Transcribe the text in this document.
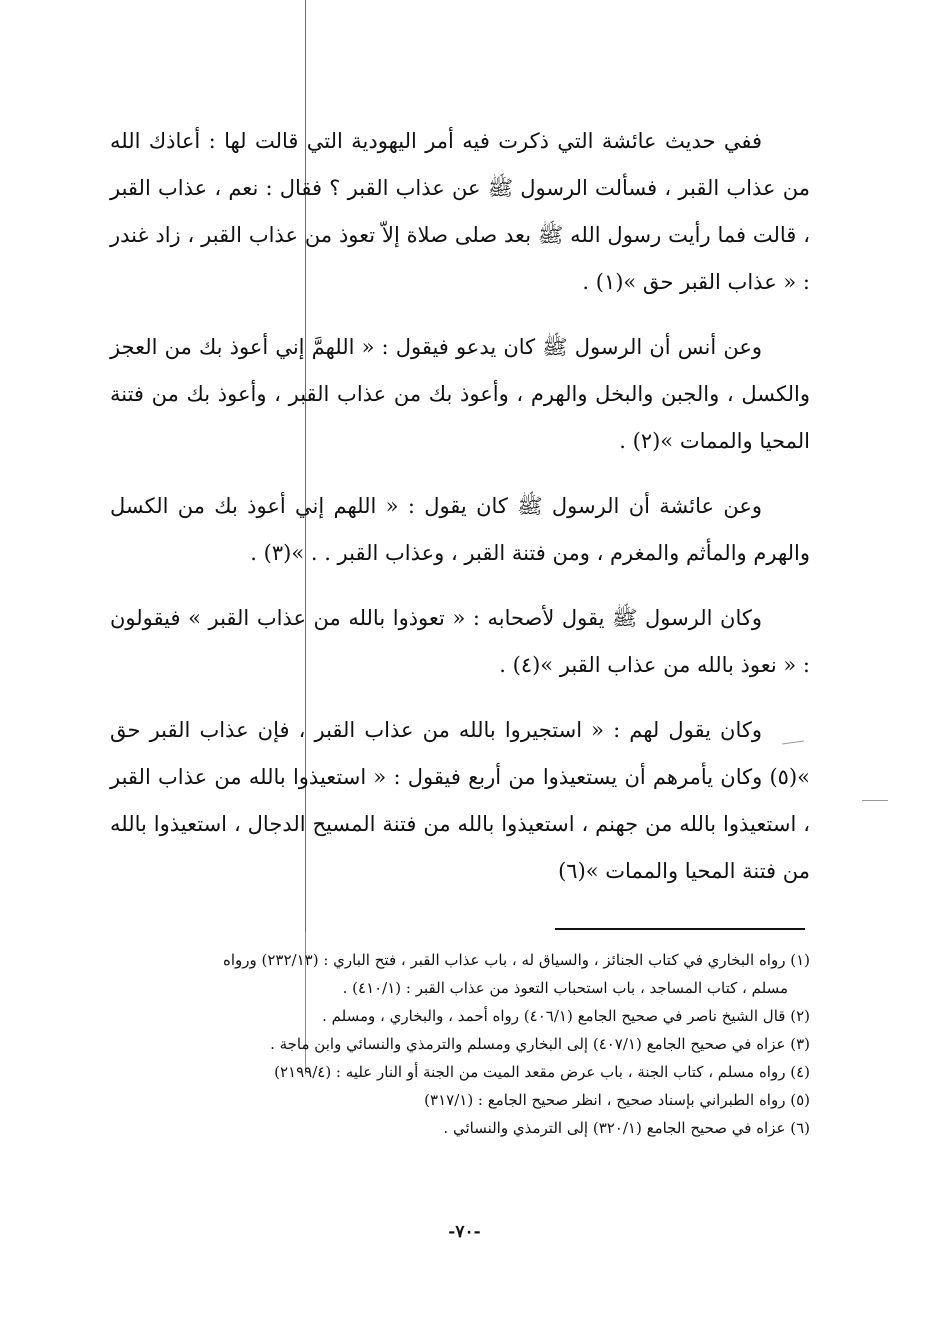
ففي حديث عائشة التي ذكرت فيه أمر اليهودية التي قالت لها : أعاذك الله من عذاب القبر ، فسألت الرسول ﷺ عن عذاب القبر ؟ فقال : نعم ، عذاب القبر ، قالت فما رأيت رسول الله ﷺ بعد صلى صلاة إلاّ تعوذ من عذاب القبر ، زاد غندر : « عذاب القبر حق »(١) .

وعن أنس أن الرسول ﷺ كان يدعو فيقول : « اللهمَّ إني أعوذ بك من العجز والكسل ، والجبن والبخل والهرم ، وأعوذ بك من عذاب القبر ، وأعوذ بك من فتنة المحيا والممات »(٢) .

وعن عائشة أن الرسول ﷺ كان يقول : « اللهم إني أعوذ بك من الكسل والهرم والمأثم والمغرم ، ومن فتنة القبر ، وعذاب القبر . . »(٣) .

وكان الرسول ﷺ يقول لأصحابه : « تعوذوا بالله من عذاب القبر » فيقولون : « نعوذ بالله من عذاب القبر »(٤) .

وكان يقول لهم : « استجيروا بالله من عذاب القبر ، فإن عذاب القبر حق »(٥) وكان يأمرهم أن يستعيذوا من أربع فيقول : « استعيذوا بالله من عذاب القبر ، استعيذوا بالله من جهنم ، استعيذوا بالله من فتنة المسيح الدجال ، استعيذوا بالله من فتنة المحيا والممات »(٦)

(١) رواه البخاري في كتاب الجنائز ، والسياق له ، باب عذاب القبر ، فتح الباري : (٢٣٢/١٣) ورواه

مسلم ، كتاب المساجد ، باب استحباب التعوذ من عذاب القبر : (٤١٠/١) .

(٢) قال الشيخ ناصر في صحيح الجامع (٤٠٦/١) رواه أحمد ، والبخاري ، ومسلم .

(٣) عزاه في صحيح الجامع (٤٠٧/١) إلى البخاري ومسلم والترمذي والنسائي وابن ماجة .

(٤) رواه مسلم ، كتاب الجنة ، باب عرض مقعد الميت من الجنة أو النار عليه : (٢١٩٩/٤)

(٥) رواه الطبراني بإسناد صحيح ، انظر صحيح الجامع : (٣١٧/١)

(٦) عزاه في صحيح الجامع (٣٢٠/١) إلى الترمذي والنسائي .

-٧٠-
